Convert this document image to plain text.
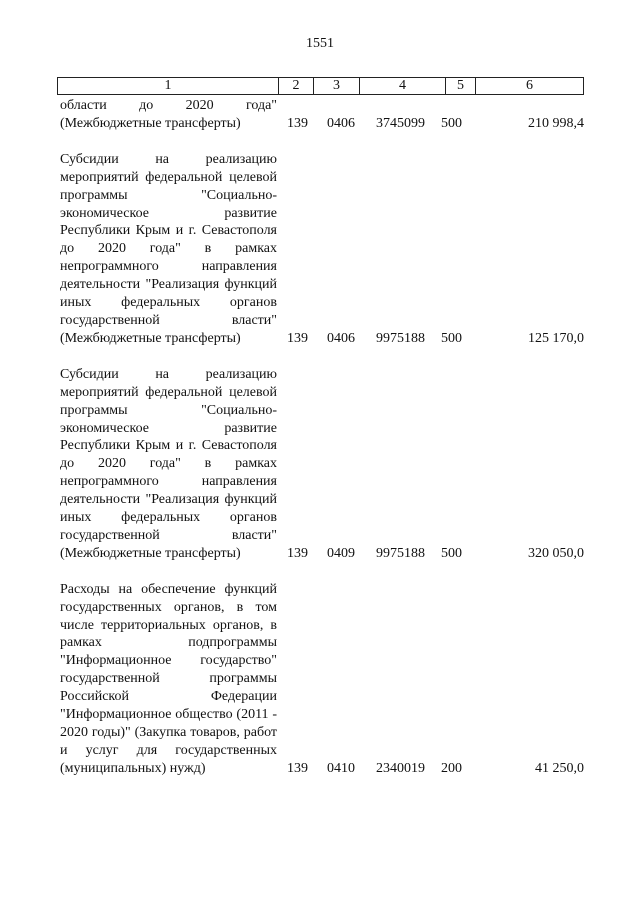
1551
1	2	3	4	5	6
области до 2020 года" (Межбюджетные трансферты)	139 0406 3745099 500	210 998,4
Субсидии на реализацию мероприятий федеральной целевой программы "Социально-экономическое развитие Республики Крым и г. Севастополя до 2020 года" в рамках непрограммного направления деятельности "Реализация функций иных федеральных органов государственной власти" (Межбюджетные трансферты)	139 0406 9975188 500	125 170,0
Субсидии на реализацию мероприятий федеральной целевой программы "Социально-экономическое развитие Республики Крым и г. Севастополя до 2020 года" в рамках непрограммного направления деятельности "Реализация функций иных федеральных органов государственной власти" (Межбюджетные трансферты)	139 0409 9975188 500	320 050,0
Расходы на обеспечение функций государственных органов, в том числе территориальных органов, в рамках подпрограммы "Информационное государство" государственной программы Российской Федерации "Информационное общество (2011 - 2020 годы)" (Закупка товаров, работ и услуг для государственных (муниципальных) нужд)	139 0410 2340019 200	41 250,0
